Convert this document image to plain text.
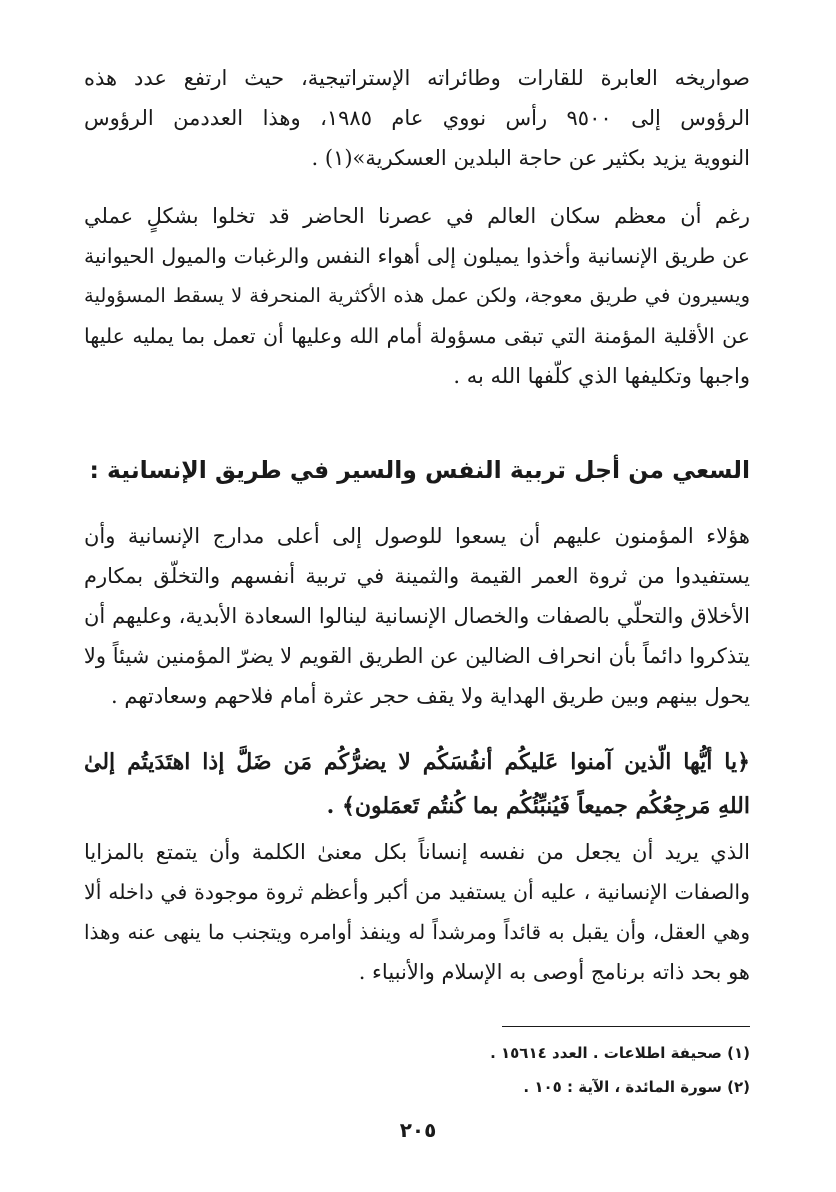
صواريخه العابرة للقارات وطائراته الإستراتيجية، حيث ارتفع عدد هذه
الرؤوس إلى ٩٥٠٠ رأس نووي عام ١٩٨٥، وهذا العددمن الرؤوس
النووية يزيد بكثير عن حاجة البلدين العسكرية»(١) .
رغم أن معظم سكان العالم في عصرنا الحاضر قد تخلوا بشكلٍ عملي
عن طريق الإنسانية وأخذوا يميلون إلى أهواء النفس والرغبات والميول الحيوانية
ويسيرون في طريق معوجة، ولكن عمل هذه الأكثرية المنحرفة لا يسقط المسؤولية
عن الأقلية المؤمنة التي تبقى مسؤولة أمام الله وعليها أن تعمل بما يمليه عليها
واجبها وتكليفها الذي كلّفها الله به .
السعي من أجل تربية النفس والسير في طريق الإنسانية :
هؤلاء المؤمنون عليهم أن يسعوا للوصول إلى أعلى مدارج الإنسانية وأن
يستفيدوا من ثروة العمر القيمة والثمينة في تربية أنفسهم والتخلّق بمكارم
الأخلاق والتحلّي بالصفات والخصال الإنسانية لينالوا السعادة الأبدية، وعليهم أن
يتذكروا دائماً بأن انحراف الضالين عن الطريق القويم لا يضرّ المؤمنين شيئاً ولا
يحول بينهم وبين طريق الهداية ولا يقف حجر عثرة أمام فلاحهم وسعادتهم .
﴿يا أيُّها الّذين آمنوا عَليكُم أنفُسَكُم لا يضرُّكُم مَن ضَلَّ إذا اهتَدَيتُم إلىٰ
اللهِ مَرجِعُكُم جميعاً فَيُنبِّئُكُم بما كُنتُم تَعمَلون﴾ .
الذي يريد أن يجعل من نفسه إنساناً بكل معنىٰ الكلمة وأن يتمتع بالمزايا
والصفات الإنسانية ، عليه أن يستفيد من أكبر وأعظم ثروة موجودة في داخله ألا
وهي العقل، وأن يقبل به قائداً ومرشداً له وينفذ أوامره ويتجنب ما ينهى عنه وهذا
هو بحد ذاته برنامج أوصى به الإسلام والأنبياء .
(١) صحيفة اطلاعات . العدد ١٥٦١٤ .
(٢) سورة المائدة ، الآية : ١٠٥ .
٢٠٥
